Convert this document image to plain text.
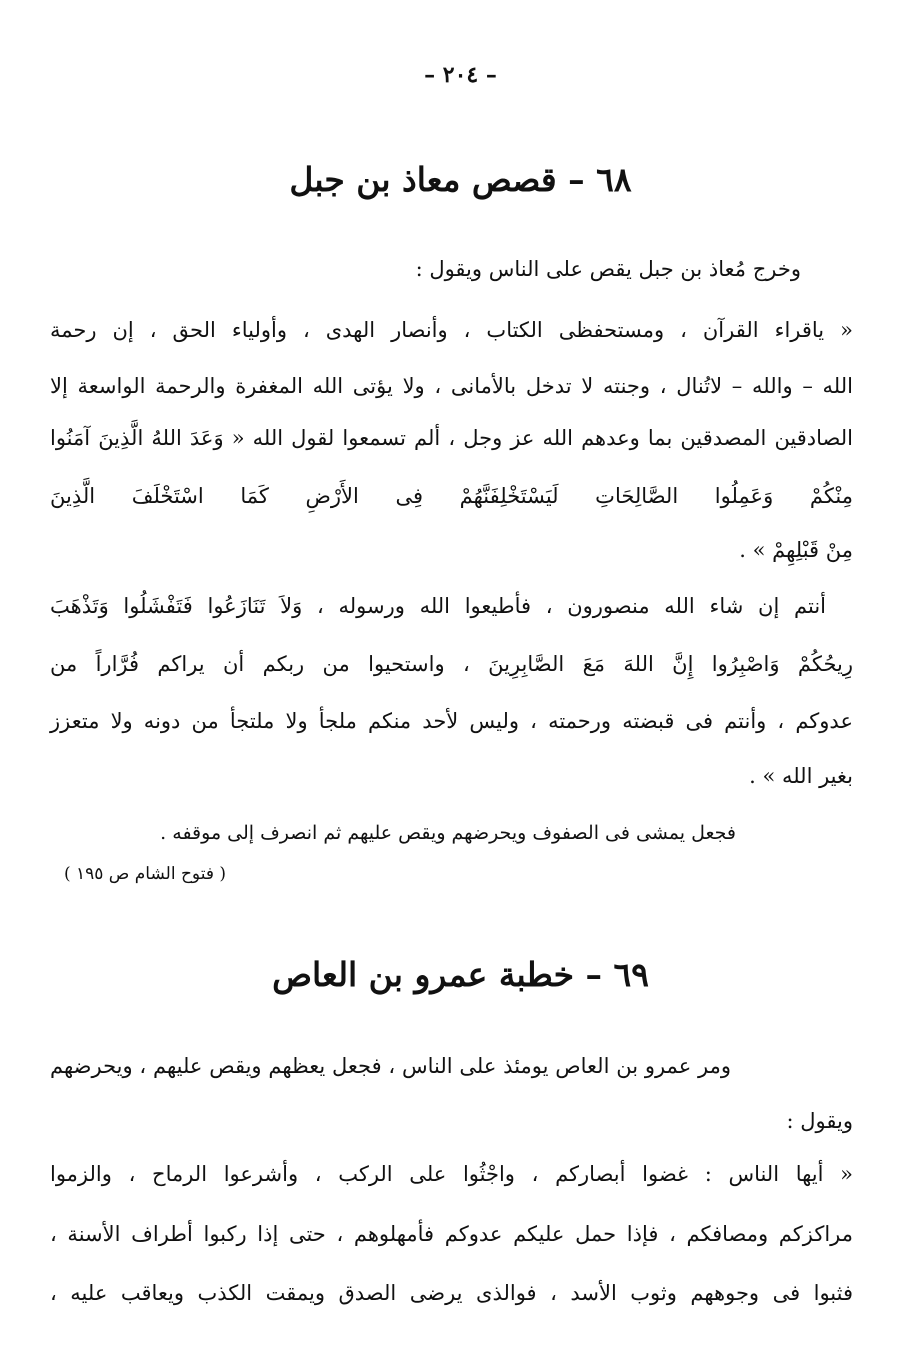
– ٢٠٤ –
٦٨ – قصص معاذ بن جبل
وخرج مُعاذ بن جبل يقص على الناس ويقول :
« ياقراء القرآن ، ومستحفظى الكتاب ، وأنصار الهدى ، وأولياء الحق ، إن رحمة
الله – والله – لاتُنال ، وجنته لا تدخل بالأمانى ، ولا يؤتى الله المغفرة والرحمة الواسعة إلا
الصادقين المصدقين بما وعدهم الله عز وجل ، ألم تسمعوا لقول الله « وَعَدَ اللهُ الَّذِينَ آمَنُوا
مِنْكُمْ وَعَمِلُوا الصَّالِحَاتِ لَيَسْتَخْلِفَنَّهُمْ فِى الأَرْضِ كَمَا اسْتَخْلَفَ الَّذِينَ
مِنْ قَبْلِهِمْ » .
أنتم إن شاء الله منصورون ، فأطيعوا الله ورسوله ، وَلاَ تَنَازَعُوا فَتَفْشَلُوا وَتَذْهَبَ
رِيحُكُمْ وَاصْبِرُوا إِنَّ اللهَ مَعَ الصَّابِرِينَ ، واستحيوا من ربكم أن يراكم فُرَّاراً من
عدوكم ، وأنتم فى قبضته ورحمته ، وليس لأحد منكم ملجأ ولا ملتجأ من دونه ولا متعزز
بغير الله » .
فجعل يمشى فى الصفوف ويحرضهم ويقص عليهم ثم انصرف إلى موقفه .
( فتوح الشام ص ١٩٥ )
٦٩ – خطبة عمرو بن العاص
ومر عمرو بن العاص يومئذ على الناس ، فجعل يعظهم ويقص عليهم ، ويحرضهم
ويقول :
« أيها الناس : غضوا أبصاركم ، واجْثُوا على الركب ، وأشرعوا الرماح ، والزموا
مراكزكم ومصافكم ، فإذا حمل عليكم عدوكم فأمهلوهم ، حتى إذا ركبوا أطراف الأسنة ،
فثبوا فى وجوههم وثوب الأسد ، فوالذى يرضى الصدق ويمقت الكذب ويعاقب عليه ،
